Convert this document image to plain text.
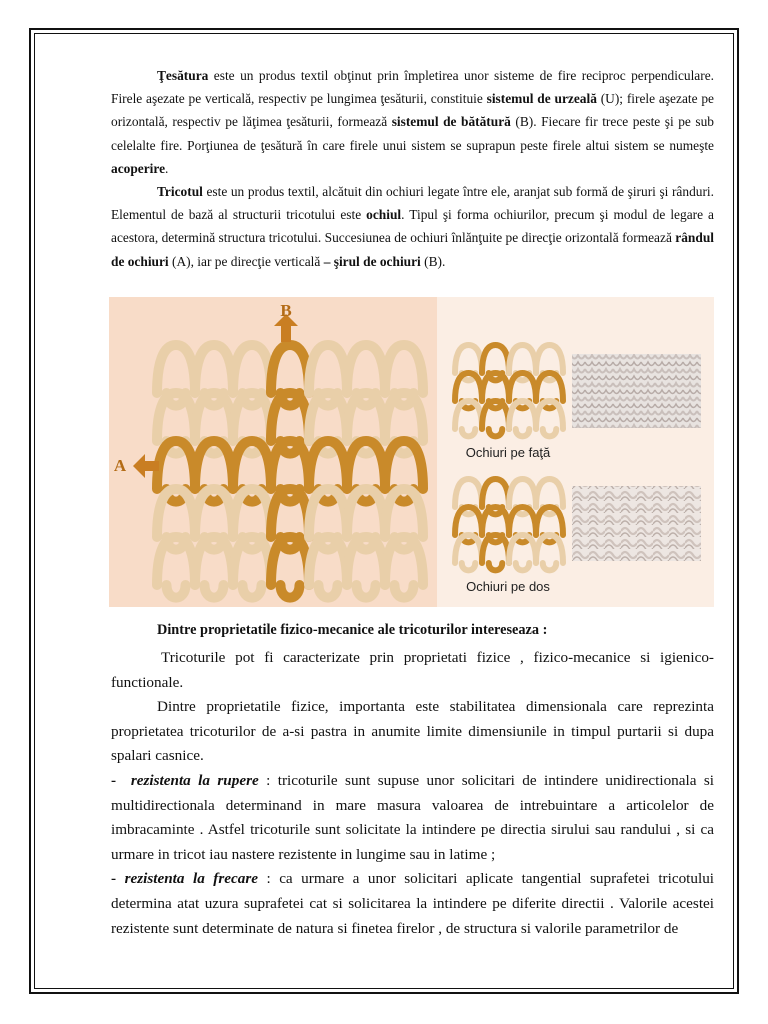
Ţesătura este un produs textil obţinut prin împletirea unor sisteme de fire reciproc perpendiculare. Firele aşezate pe verticală, respectiv pe lungimea ţesăturii, constituie sistemul de urzeală (U); firele aşezate pe orizontală, respectiv pe lăţimea ţesăturii, formează sistemul de bătătură (B). Fiecare fir trece peste şi pe sub celelalte fire. Porţiunea de ţesătură în care firele unui sistem se suprapun peste firele altui sistem se numeşte acoperire.

Tricotul este un produs textil, alcătuit din ochiuri legate între ele, aranjat sub formă de şiruri şi rânduri. Elementul de bază al structurii tricotului este ochiul. Tipul şi forma ochiurilor, precum şi modul de legare a acestora, determină structura tricotului. Succesiunea de ochiuri înlănţuite pe direcţie orizontală formează rândul de ochiuri (A), iar pe direcţie verticală – şirul de ochiuri (B).

B
A
Ochiuri pe faţă
Ochiuri pe dos
Dintre proprietatile fizico-mecanice ale tricoturilor intereseaza :

Tricoturile pot fi caracterizate prin proprietati fizice , fizico-mecanice si igienico-functionale.

Dintre proprietatile fizice, importanta este stabilitatea dimensionala care reprezinta proprietatea tricoturilor de a-si pastra in anumite limite dimensiunile in timpul purtarii si dupa spalari casnice.

- rezistenta la rupere : tricoturile sunt supuse unor solicitari de intindere unidirectionala si multidirectionala determinand in mare masura valoarea de intrebuintare a articolelor de imbracaminte . Astfel tricoturile sunt solicitate la intindere pe directia sirului sau randului , si ca urmare in tricot iau nastere rezistente in lungime sau in latime ;

- rezistenta la frecare : ca urmare a unor solicitari aplicate tangential suprafetei tricotului determina atat uzura suprafetei cat si solicitarea la intindere pe diferite directii . Valorile acestei rezistente sunt determinate de natura si finetea firelor , de structura si valorile parametrilor de
